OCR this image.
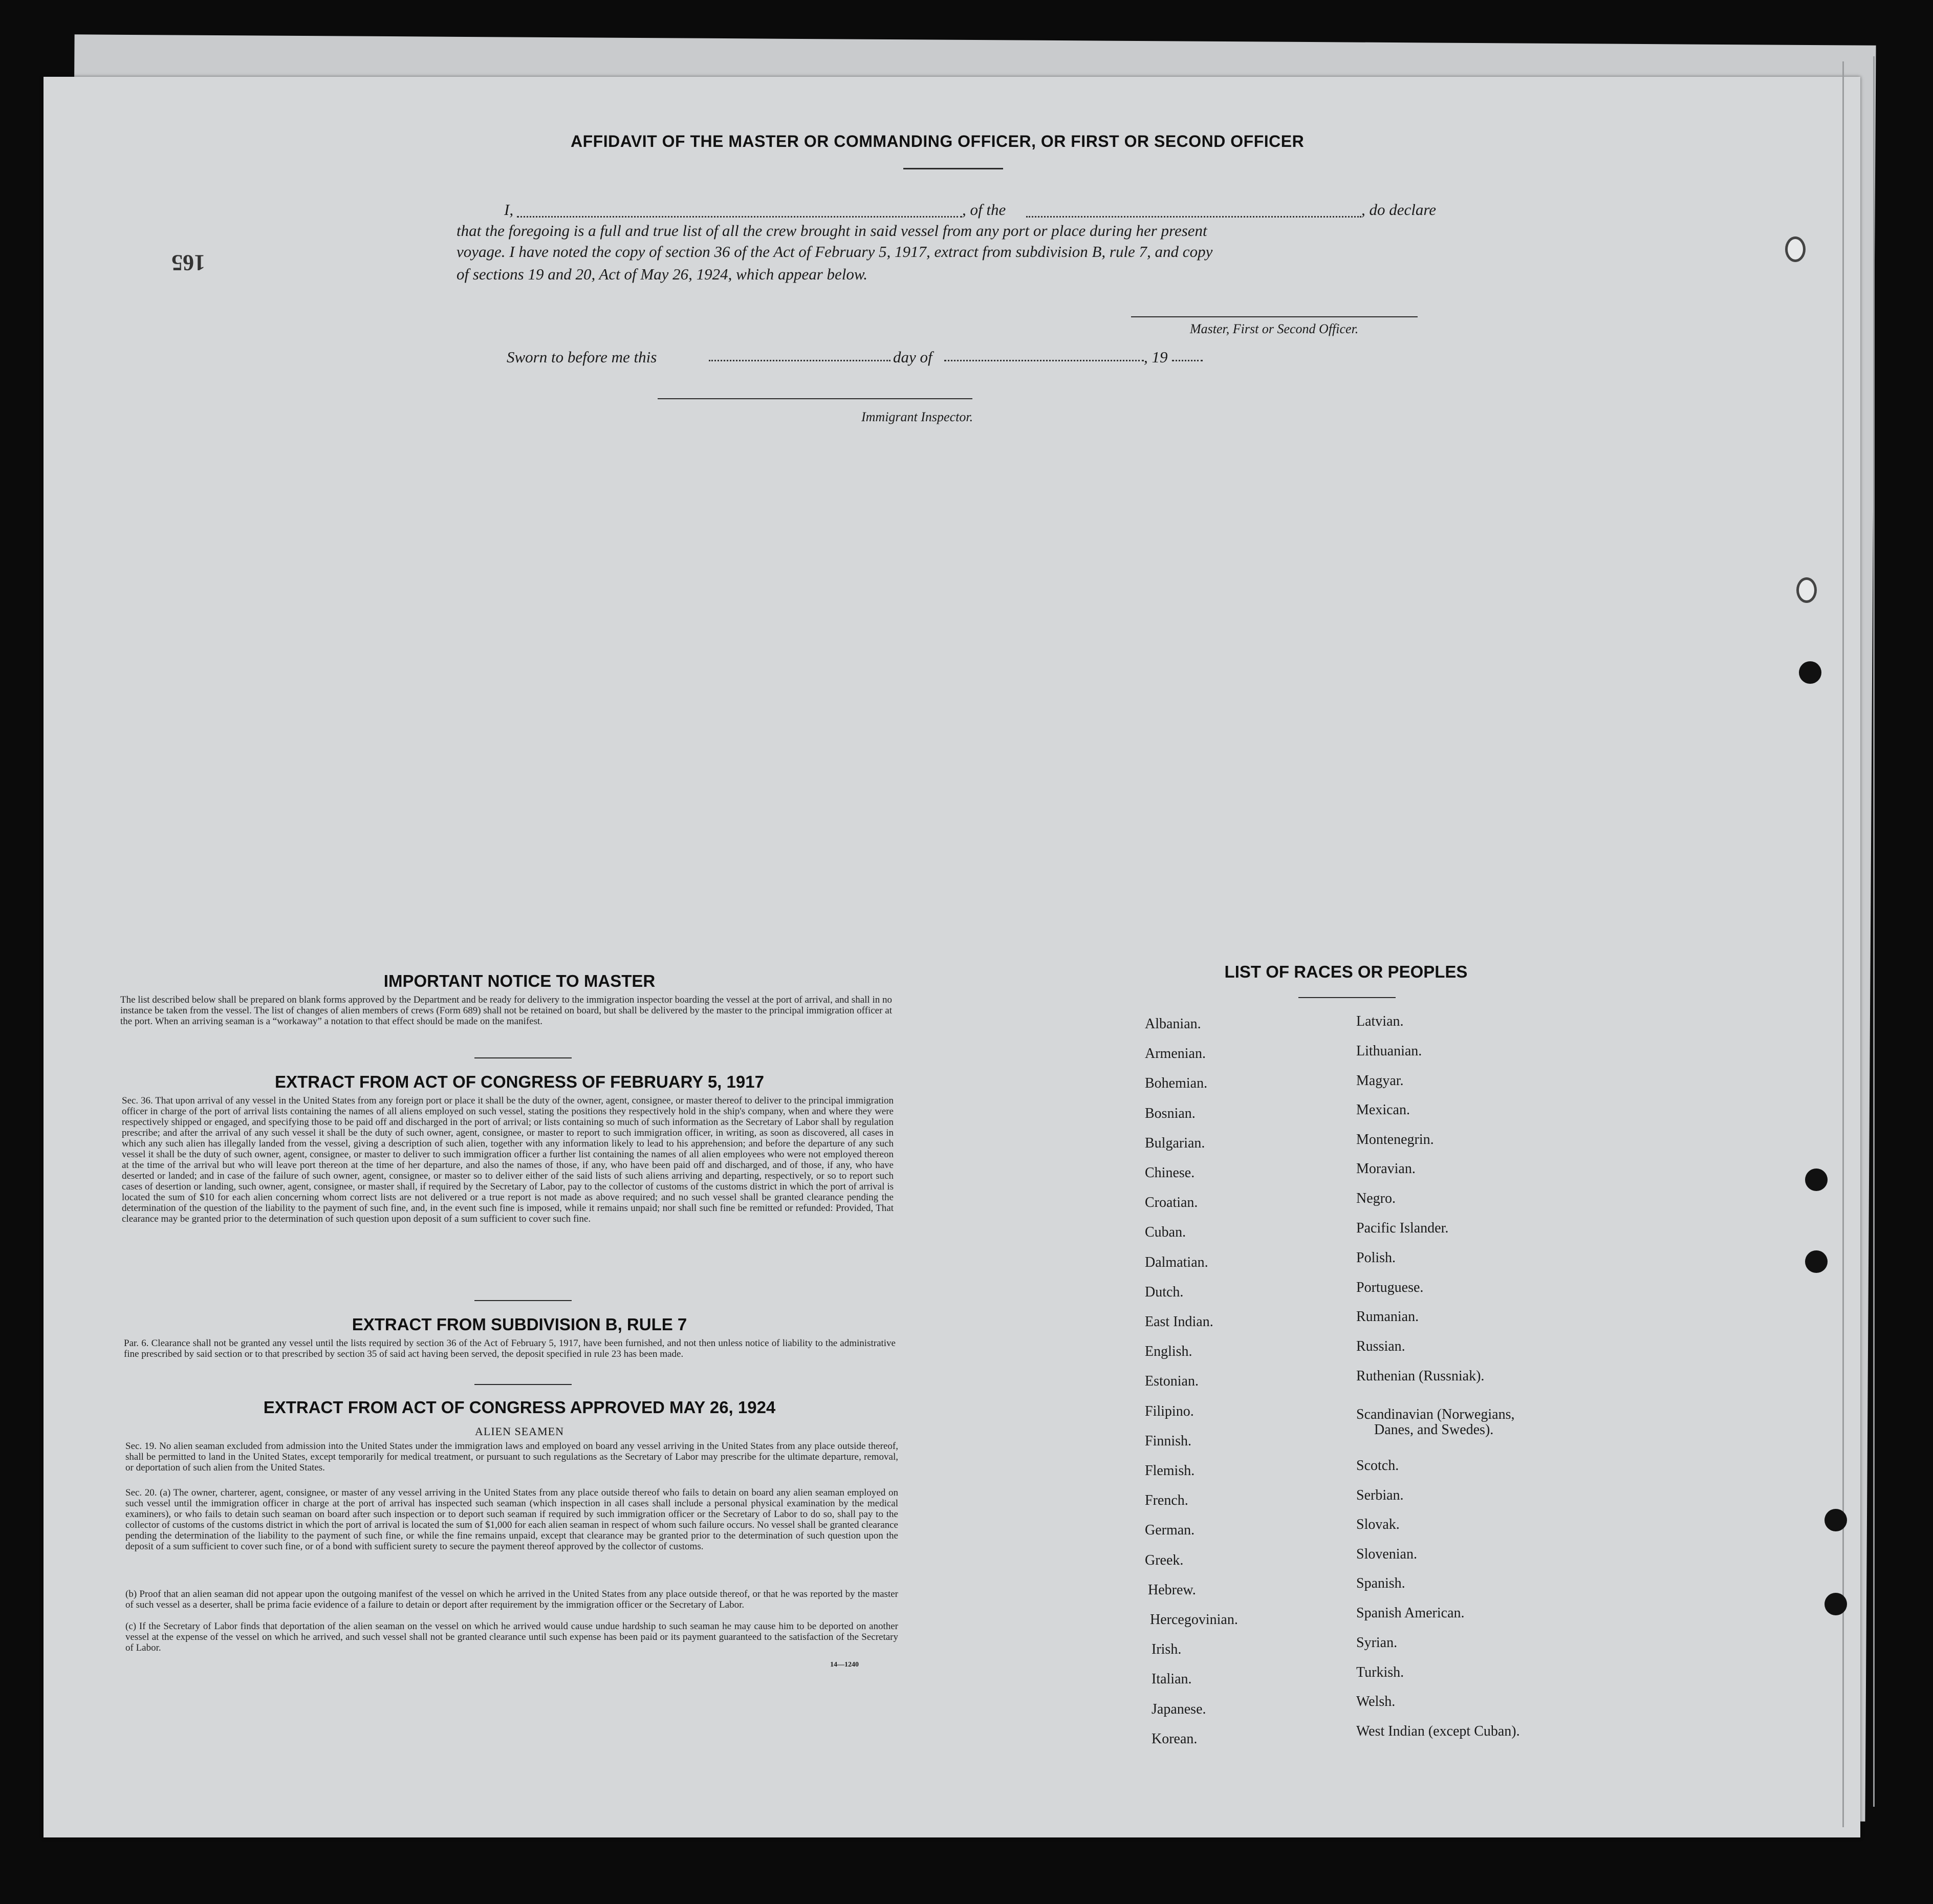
165
AFFIDAVIT OF THE MASTER OR COMMANDING OFFICER, OR FIRST OR SECOND OFFICER
I,	, of the	, do declare
that the foregoing is a full and true list of all the crew brought in said vessel from any port or place during her present
voyage. I have noted the copy of section 36 of the Act of February 5, 1917, extract from subdivision B, rule 7, and copy
of sections 19 and 20, Act of May 26, 1924, which appear below.
Master, First or Second Officer.
Sworn to before me this	day of	, 19
Immigrant Inspector.
IMPORTANT NOTICE TO MASTER
The list described below shall be prepared on blank forms approved by the Department and be ready for delivery to the immigration inspector boarding the vessel at the port of arrival, and shall in no instance be taken from the vessel. The list of changes of alien members of crews (Form 689) shall not be retained on board, but shall be delivered by the master to the principal immigration officer at the port. When an arriving seaman is a “workaway” a notation to that effect should be made on the manifest.
EXTRACT FROM ACT OF CONGRESS OF FEBRUARY 5, 1917
Sec. 36. That upon arrival of any vessel in the United States from any foreign port or place it shall be the duty of the owner, agent, consignee, or master thereof to deliver to the principal immigration officer in charge of the port of arrival lists containing the names of all aliens employed on such vessel, stating the positions they respectively hold in the ship's company, when and where they were respectively shipped or engaged, and specifying those to be paid off and discharged in the port of arrival; or lists containing so much of such information as the Secretary of Labor shall by regulation prescribe; and after the arrival of any such vessel it shall be the duty of such owner, agent, consignee, or master to report to such immigration officer, in writing, as soon as discovered, all cases in which any such alien has illegally landed from the vessel, giving a description of such alien, together with any information likely to lead to his apprehension; and before the departure of any such vessel it shall be the duty of such owner, agent, consignee, or master to deliver to such immigration officer a further list containing the names of all alien employees who were not employed thereon at the time of the arrival but who will leave port thereon at the time of her departure, and also the names of those, if any, who have been paid off and discharged, and of those, if any, who have deserted or landed; and in case of the failure of such owner, agent, consignee, or master so to deliver either of the said lists of such aliens arriving and departing, respectively, or so to report such cases of desertion or landing, such owner, agent, consignee, or master shall, if required by the Secretary of Labor, pay to the collector of customs of the customs district in which the port of arrival is located the sum of $10 for each alien concerning whom correct lists are not delivered or a true report is not made as above required; and no such vessel shall be granted clearance pending the determination of the question of the liability to the payment of such fine, and, in the event such fine is imposed, while it remains unpaid; nor shall such fine be remitted or refunded: Provided, That clearance may be granted prior to the determination of such question upon deposit of a sum sufficient to cover such fine.
EXTRACT FROM SUBDIVISION B, RULE 7
Par. 6. Clearance shall not be granted any vessel until the lists required by section 36 of the Act of February 5, 1917, have been furnished, and not then unless notice of liability to the administrative fine prescribed by said section or to that prescribed by section 35 of said act having been served, the deposit specified in rule 23 has been made.
EXTRACT FROM ACT OF CONGRESS APPROVED MAY 26, 1924
ALIEN SEAMEN
Sec. 19. No alien seaman excluded from admission into the United States under the immigration laws and employed on board any vessel arriving in the United States from any place outside thereof, shall be permitted to land in the United States, except temporarily for medical treatment, or pursuant to such regulations as the Secretary of Labor may prescribe for the ultimate departure, removal, or deportation of such alien from the United States.
Sec. 20. (a) The owner, charterer, agent, consignee, or master of any vessel arriving in the United States from any place outside thereof who fails to detain on board any alien seaman employed on such vessel until the immigration officer in charge at the port of arrival has inspected such seaman (which inspection in all cases shall include a personal physical examination by the medical examiners), or who fails to detain such seaman on board after such inspection or to deport such seaman if required by such immigration officer or the Secretary of Labor to do so, shall pay to the collector of customs of the customs district in which the port of arrival is located the sum of $1,000 for each alien seaman in respect of whom such failure occurs. No vessel shall be granted clearance pending the determination of the liability to the payment of such fine, or while the fine remains unpaid, except that clearance may be granted prior to the determination of such question upon the deposit of a sum sufficient to cover such fine, or of a bond with sufficient surety to secure the payment thereof approved by the collector of customs.
(b) Proof that an alien seaman did not appear upon the outgoing manifest of the vessel on which he arrived in the United States from any place outside thereof, or that he was reported by the master of such vessel as a deserter, shall be prima facie evidence of a failure to detain or deport after requirement by the immigration officer or the Secretary of Labor.
(c) If the Secretary of Labor finds that deportation of the alien seaman on the vessel on which he arrived would cause undue hardship to such seaman he may cause him to be deported on another vessel at the expense of the vessel on which he arrived, and such vessel shall not be granted clearance until such expense has been paid or its payment guaranteed to the satisfaction of the Secretary of Labor.
14—1240
LIST OF RACES OR PEOPLES
Albanian.
Armenian.
Bohemian.
Bosnian.
Bulgarian.
Chinese.
Croatian.
Cuban.
Dalmatian.
Dutch.
East Indian.
English.
Estonian.
Filipino.
Finnish.
Flemish.
French.
German.
Greek.
Hebrew.
Hercegovinian.
Irish.
Italian.
Japanese.
Korean.
Latvian.
Lithuanian.
Magyar.
Mexican.
Montenegrin.
Moravian.
Negro.
Pacific Islander.
Polish.
Portuguese.
Rumanian.
Russian.
Ruthenian (Russniak).
Scandinavian (Norwegians,
Danes, and Swedes).
Scotch.
Serbian.
Slovak.
Slovenian.
Spanish.
Spanish American.
Syrian.
Turkish.
Welsh.
West Indian (except Cuban).
